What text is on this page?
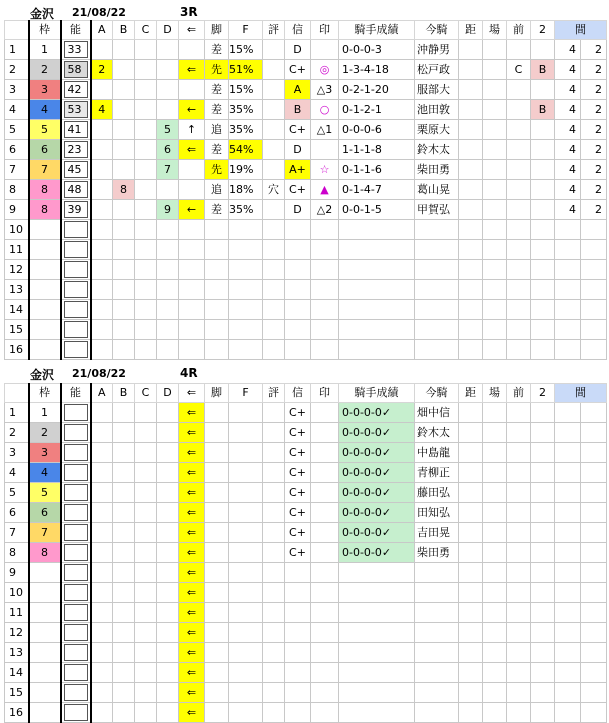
金沢 21/08/22	3R
	枠	能	A	B	C	D	⇐	脚	F	評	信	印	騎手成績	今騎	距	場	前	2	間	
1	1	33						差	15%		D		0-0-0-3	沖静男					4	2
2	2	58	2				⇐	先	51%		C+	◎	1-3-4-18	松戸政			C	B	4	2
3	3	42						差	15%		A	△3	0-2-1-20	服部大					4	2
4	4	53	4				←	差	35%		B	○	0-1-2-1	池田敦				B	4	2
5	5	41				5	↑	追	35%		C+	△1	0-0-0-6	栗原大					4	2
6	6	23				6	⇐	差	54%		D		1-1-1-8	鈴木太					4	2
7	7	45				7		先	19%		A+	☆	0-1-1-6	柴田勇					4	2
8	8	48		8				追	18%	穴	C+	▲	0-1-4-7	葛山晃					4	2
9	8	39				9	←	差	35%		D	△2	0-0-1-5	甲賀弘					4	2
10		

11		

12		

13		

14		

15		

16		

金沢 21/08/22	4R
	枠	能	A	B	C	D	⇐	脚	F	評	信	印	騎手成績	今騎	距	場	前	2	間	
1	1						⇐				C+		0-0-0-0✓	畑中信						
2	2						⇐				C+		0-0-0-0✓	鈴木太						
3	3						⇐				C+		0-0-0-0✓	中島龍						
4	4						⇐				C+		0-0-0-0✓	青柳正						
5	5						⇐				C+		0-0-0-0✓	藤田弘						
6	6						⇐				C+		0-0-0-0✓	田知弘						
7	7						⇐				C+		0-0-0-0✓	吉田晃						
8	8						⇐				C+		0-0-0-0✓	柴田勇						
9							⇐													
10							⇐													
11							⇐													
12							⇐													
13							⇐													
14							⇐													
15							⇐													
16							⇐													
